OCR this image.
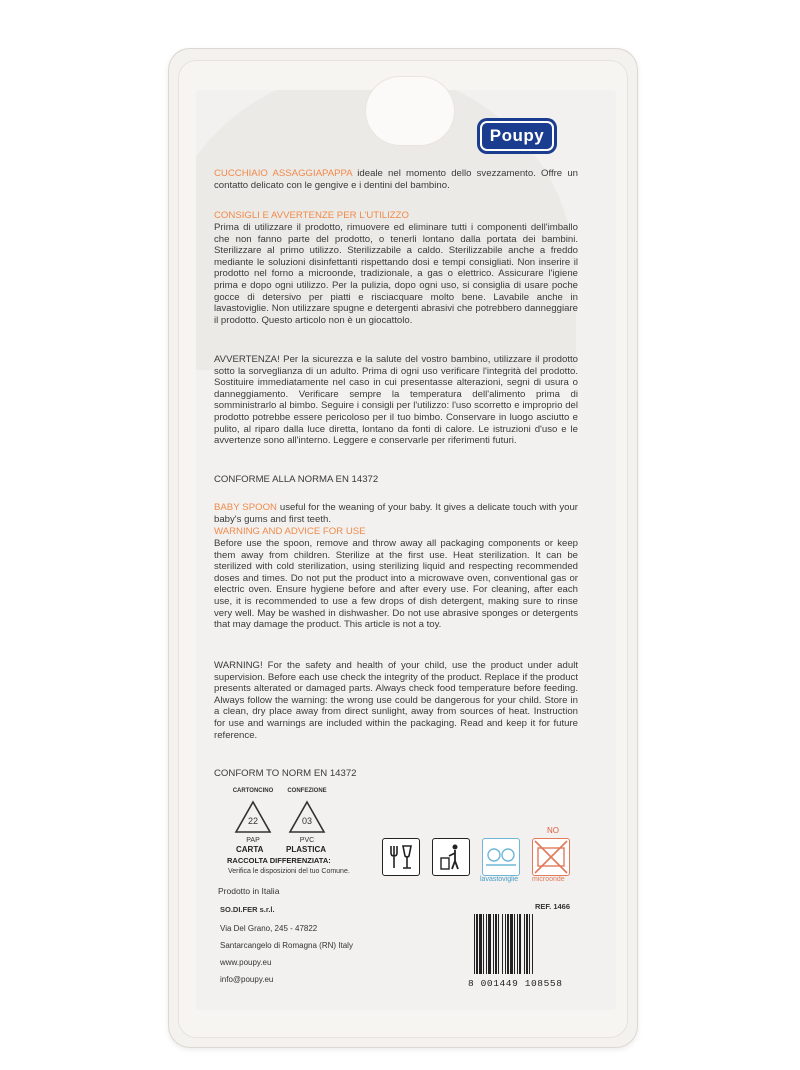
Poupy
CUCCHIAIO ASSAGGIAPAPPA ideale nel momento dello svezzamento. Offre un contatto delicato con le gengive e i dentini del bambino.
CONSIGLI E AVVERTENZE PER L'UTILIZZO
Prima di utilizzare il prodotto, rimuovere ed eliminare tutti i componenti dell'imballo che non fanno parte del prodotto, o tenerli lontano dalla portata dei bambini. Sterilizzare al primo utilizzo. Sterilizzabile a caldo. Sterilizzabile anche a freddo mediante le soluzioni disinfettanti rispettando dosi e tempi consigliati. Non inserire il prodotto nel forno a microonde, tradizionale, a gas o elettrico. Assicurare l'igiene prima e dopo ogni utilizzo. Per la pulizia, dopo ogni uso, si consiglia di usare poche gocce di detersivo per piatti e risciacquare molto bene. Lavabile anche in lavastoviglie. Non utilizzare spugne e detergenti abrasivi che potrebbero danneggiare il prodotto. Questo articolo non è un giocattolo.
AVVERTENZA! Per la sicurezza e la salute del vostro bambino, utilizzare il prodotto sotto la sorveglianza di un adulto. Prima di ogni uso verificare l'integrità del prodotto. Sostituire immediatamente nel caso in cui presentasse alterazioni, segni di usura o danneggiamento. Verificare sempre la temperatura dell'alimento prima di somministrarlo al bimbo. Seguire i consigli per l'utilizzo: l'uso scorretto e improprio del prodotto potrebbe essere pericoloso per il tuo bimbo. Conservare in luogo asciutto e pulito, al riparo dalla luce diretta, lontano da fonti di calore. Le istruzioni d'uso e le avvertenze sono all'interno. Leggere e conservarle per riferimenti futuri.
CONFORME ALLA NORMA EN 14372
BABY SPOON useful for the weaning of your baby. It gives a delicate touch with your baby's gums and first teeth.
WARNING AND ADVICE FOR USE
Before use the spoon, remove and throw away all packaging components or keep them away from children. Sterilize at the first use. Heat sterilization. It can be sterilized with cold sterilization, using sterilizing liquid and respecting recommended doses and times. Do not put the product into a microwave oven, conventional gas or electric oven. Ensure hygiene before and after every use. For cleaning, after each use, it is recommended to use a few drops of dish detergent, making sure to rinse very well. May be washed in dishwasher. Do not use abrasive sponges or detergents that may damage the product. This article is not a toy.
WARNING! For the safety and health of your child, use the product under adult supervision. Before each use check the integrity of the product. Replace if the product presents alterated or damaged parts. Always check food temperature before feeding. Always follow the warning: the wrong use could be dangerous for your child. Store in a clean, dry place away from direct sunlight, away from sources of heat. Instruction for use and warnings are included within the packaging. Read and keep it for future reference.
CONFORM TO NORM EN 14372
CARTONCINO	CONFEZIONE
22	03
PAP	PVC
CARTA	PLASTICA
RACCOLTA DIFFERENZIATA:
Verifica le disposizioni del tuo Comune.
lavastoviglie
NO
microonde
Prodotto in Italia
SO.DI.FER s.r.l.
Via Del Grano, 245 - 47822
Santarcangelo di Romagna (RN) Italy
www.poupy.eu
info@poupy.eu
REF. 1466
8 001449 108558
